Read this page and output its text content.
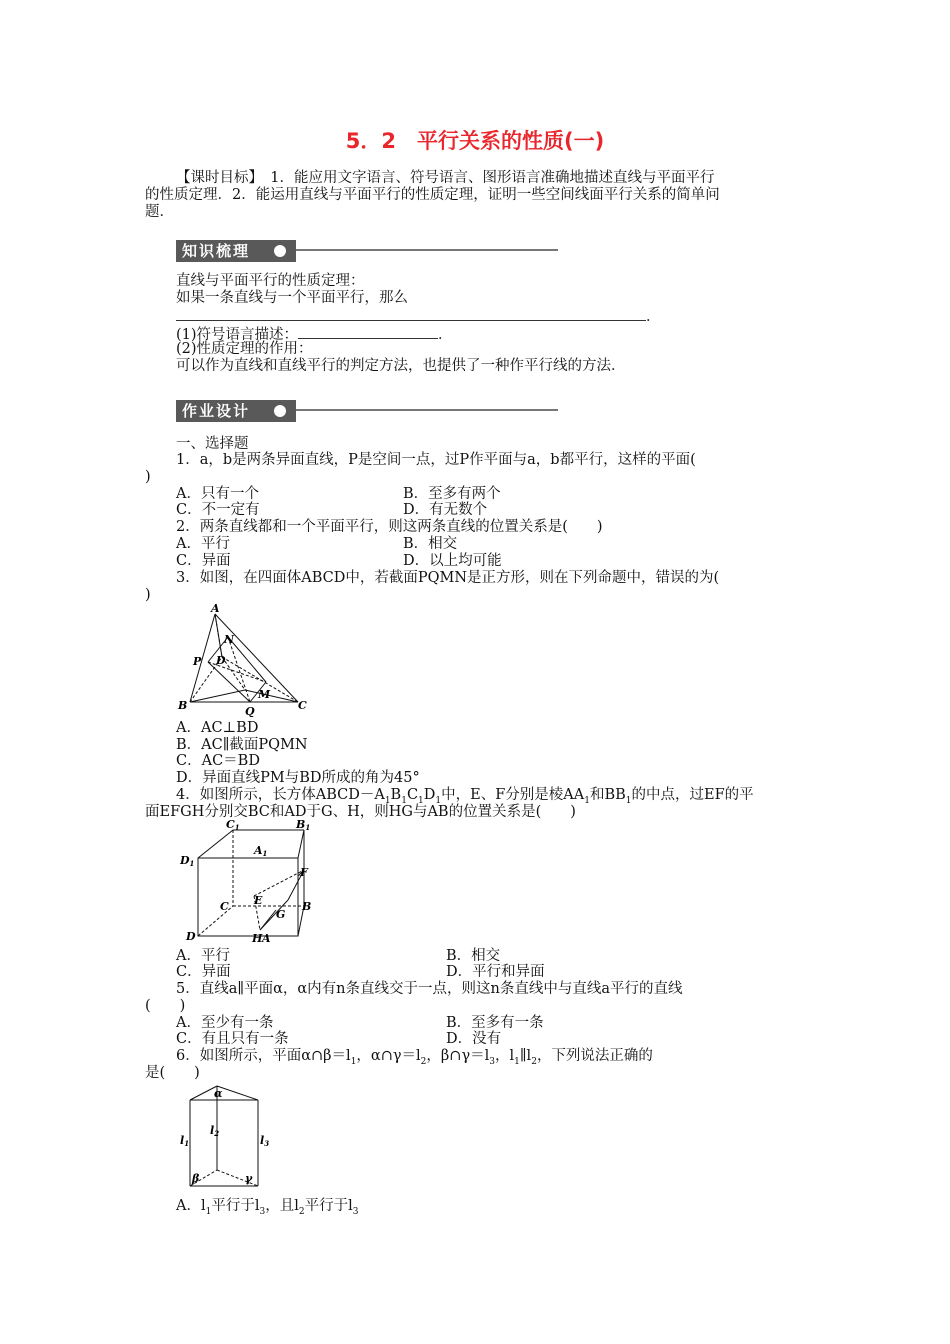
5．2　平行关系的性质(一)
【课时目标】　1．能应用文字语言、符号语言、图形语言准确地描述直线与平面平行
的性质定理．2．能运用直线与平面平行的性质定理，证明一些空间线面平行关系的简单问
题．
知识梳理
直线与平面平行的性质定理：
如果一条直线与一个平面平行，那么
．
(1)符号语言描述：	．
(2)性质定理的作用：
可以作为直线和直线平行的判定方法，也提供了一种作平行线的方法．
作业设计
一、选择题
1．a，b是两条异面直线，P是空间一点，过P作平面与a，b都平行，这样的平面(
)
A．只有一个	B．至多有两个
C．不一定有	D．有无数个
2．两条直线都和一个平面平行，则这两条直线的位置关系是(　　)
A．平行	B．相交
C．异面	D．以上均可能
3．如图，在四面体ABCD中，若截面PQMN是正方形，则在下列命题中，错误的为(
)
A
B	C
D
N
P
M
Q
A．AC⊥BD
B．AC∥截面PQMN
C．AC＝BD
D．异面直线PM与BD所成的角为45°
4．如图所示，长方体$ABCD-A_1B_1C_1D_1$中，E、F分别是棱$AA_1$和$BB_1$的中点，过EF的平
面EFGH分别交BC和AD于G、H，则HG与AB的位置关系是(　　)
C1	B1
D1
A1
F
E
C
G
B
D	H A
A．平行	B．相交
C．异面	D．平行和异面
5．直线a∥平面α，α内有n条直线交于一点，则这n条直线中与直线a平行的直线
(　　)
A．至少有一条	B．至多有一条
C．有且只有一条	D．没有
6．如图所示，平面$\alpha\cap\beta=l_1$，$\alpha\cap\gamma=l_2$，$\beta\cap\gamma=l_3$，$l_1\parallel l_2$，下列说法正确的
是(　　)
α
l1
l2
l3
β	γ
A．$l_1$平行于$l_3$，且$l_2$平行于$l_3$
